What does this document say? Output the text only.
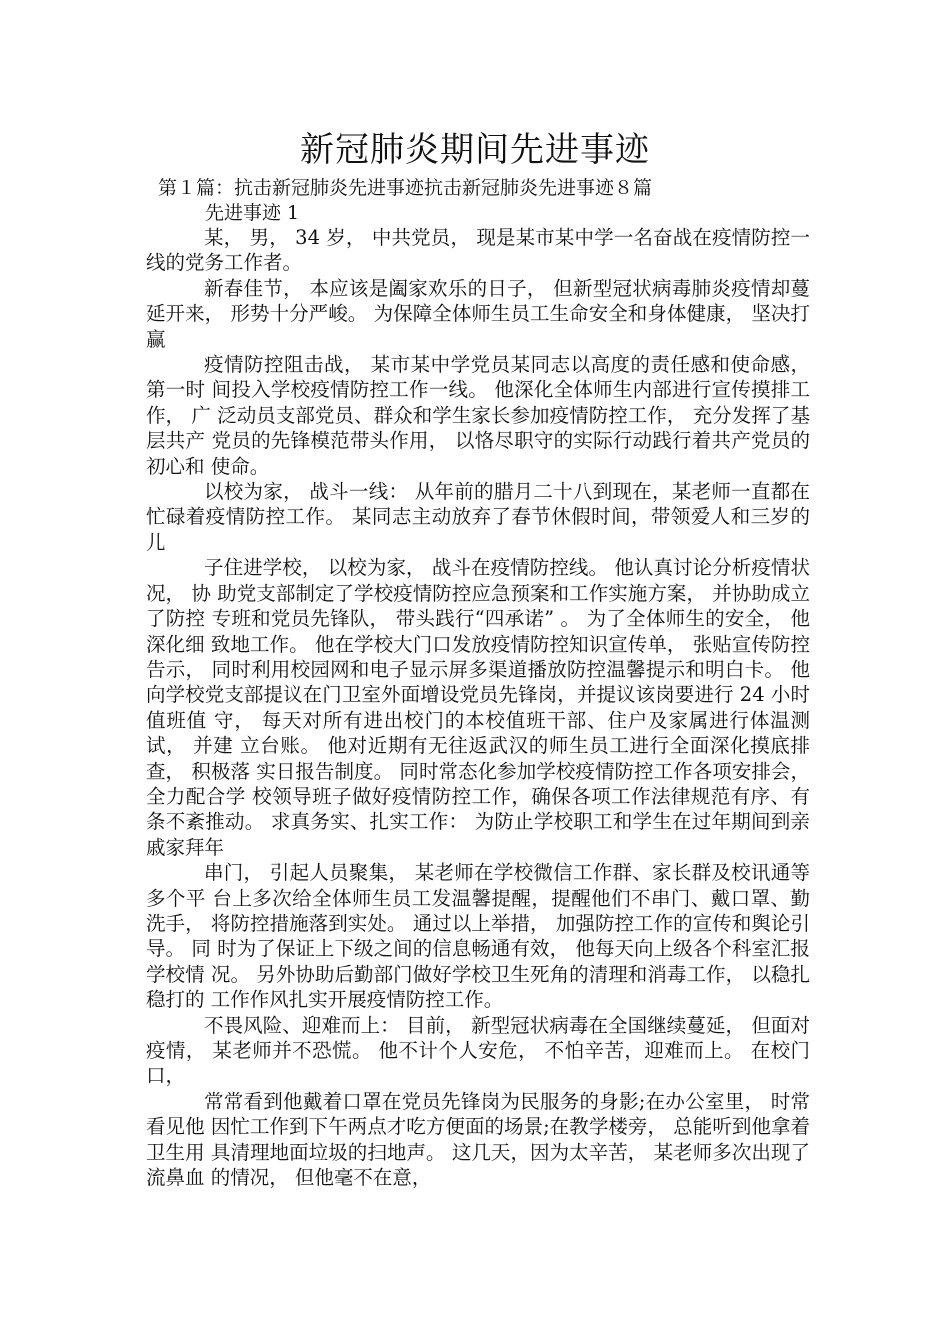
新冠肺炎期间先进事迹
第１篇：抗击新冠肺炎先进事迹抗击新冠肺炎先进事迹８篇
先进事迹 1

某， 男， 34 岁， 中共党员， 现是某市某中学一名奋战在疫情防控一线的党务工作者。

新春佳节， 本应该是阖家欢乐的日子， 但新型冠状病毒肺炎疫情却蔓延开来， 形势十分严峻。 为保障全体师生员工生命安全和身体健康， 坚决打赢

疫情防控阻击战， 某市某中学党员某同志以高度的责任感和使命感， 第一时 间投入学校疫情防控工作一线。 他深化全体师生内部进行宣传摸排工作， 广 泛动员支部党员、群众和学生家长参加疫情防控工作， 充分发挥了基层共产 党员的先锋模范带头作用， 以恪尽职守的实际行动践行着共产党员的初心和 使命。

以校为家， 战斗一线： 从年前的腊月二十八到现在，某老师一直都在忙碌着疫情防控工作。 某同志主动放弃了春节休假时间，带领爱人和三岁的儿

子住进学校， 以校为家， 战斗在疫情防控线。 他认真讨论分析疫情状况， 协 助党支部制定了学校疫情防控应急预案和工作实施方案， 并协助成立了防控 专班和党员先锋队， 带头践行“四承诺” 。 为了全体师生的安全， 他深化细 致地工作。 他在学校大门口发放疫情防控知识宣传单， 张贴宣传防控告示， 同时利用校园网和电子显示屏多渠道播放防控温馨提示和明白卡。 他向学校党支部提议在门卫室外面增设党员先锋岗，并提议该岗要进行 24 小时值班值 守， 每天对所有进出校门的本校值班干部、住户及家属进行体温测试， 并建 立台账。 他对近期有无往返武汉的师生员工进行全面深化摸底排查， 积极落 实日报告制度。 同时常态化参加学校疫情防控工作各项安排会， 全力配合学 校领导班子做好疫情防控工作，确保各项工作法律规范有序、有条不紊推动。 求真务实、扎实工作： 为防止学校职工和学生在过年期间到亲戚家拜年

串门， 引起人员聚集， 某老师在学校微信工作群、家长群及校讯通等多个平 台上多次给全体师生员工发温馨提醒，提醒他们不串门、戴口罩、勤洗手， 将防控措施落到实处。 通过以上举措， 加强防控工作的宣传和舆论引导。 同 时为了保证上下级之间的信息畅通有效， 他每天向上级各个科室汇报学校情 况。 另外协助后勤部门做好学校卫生死角的清理和消毒工作， 以稳扎稳打的 工作作风扎实开展疫情防控工作。

不畏风险、迎难而上： 目前， 新型冠状病毒在全国继续蔓延， 但面对疫情， 某老师并不恐慌。 他不计个人安危， 不怕辛苦，迎难而上。 在校门口，

常常看到他戴着口罩在党员先锋岗为民服务的身影;在办公室里， 时常看见他 因忙工作到下午两点才吃方便面的场景;在教学楼旁， 总能听到他拿着卫生用 具清理地面垃圾的扫地声。 这几天，因为太辛苦， 某老师多次出现了流鼻血 的情况， 但他毫不在意，
